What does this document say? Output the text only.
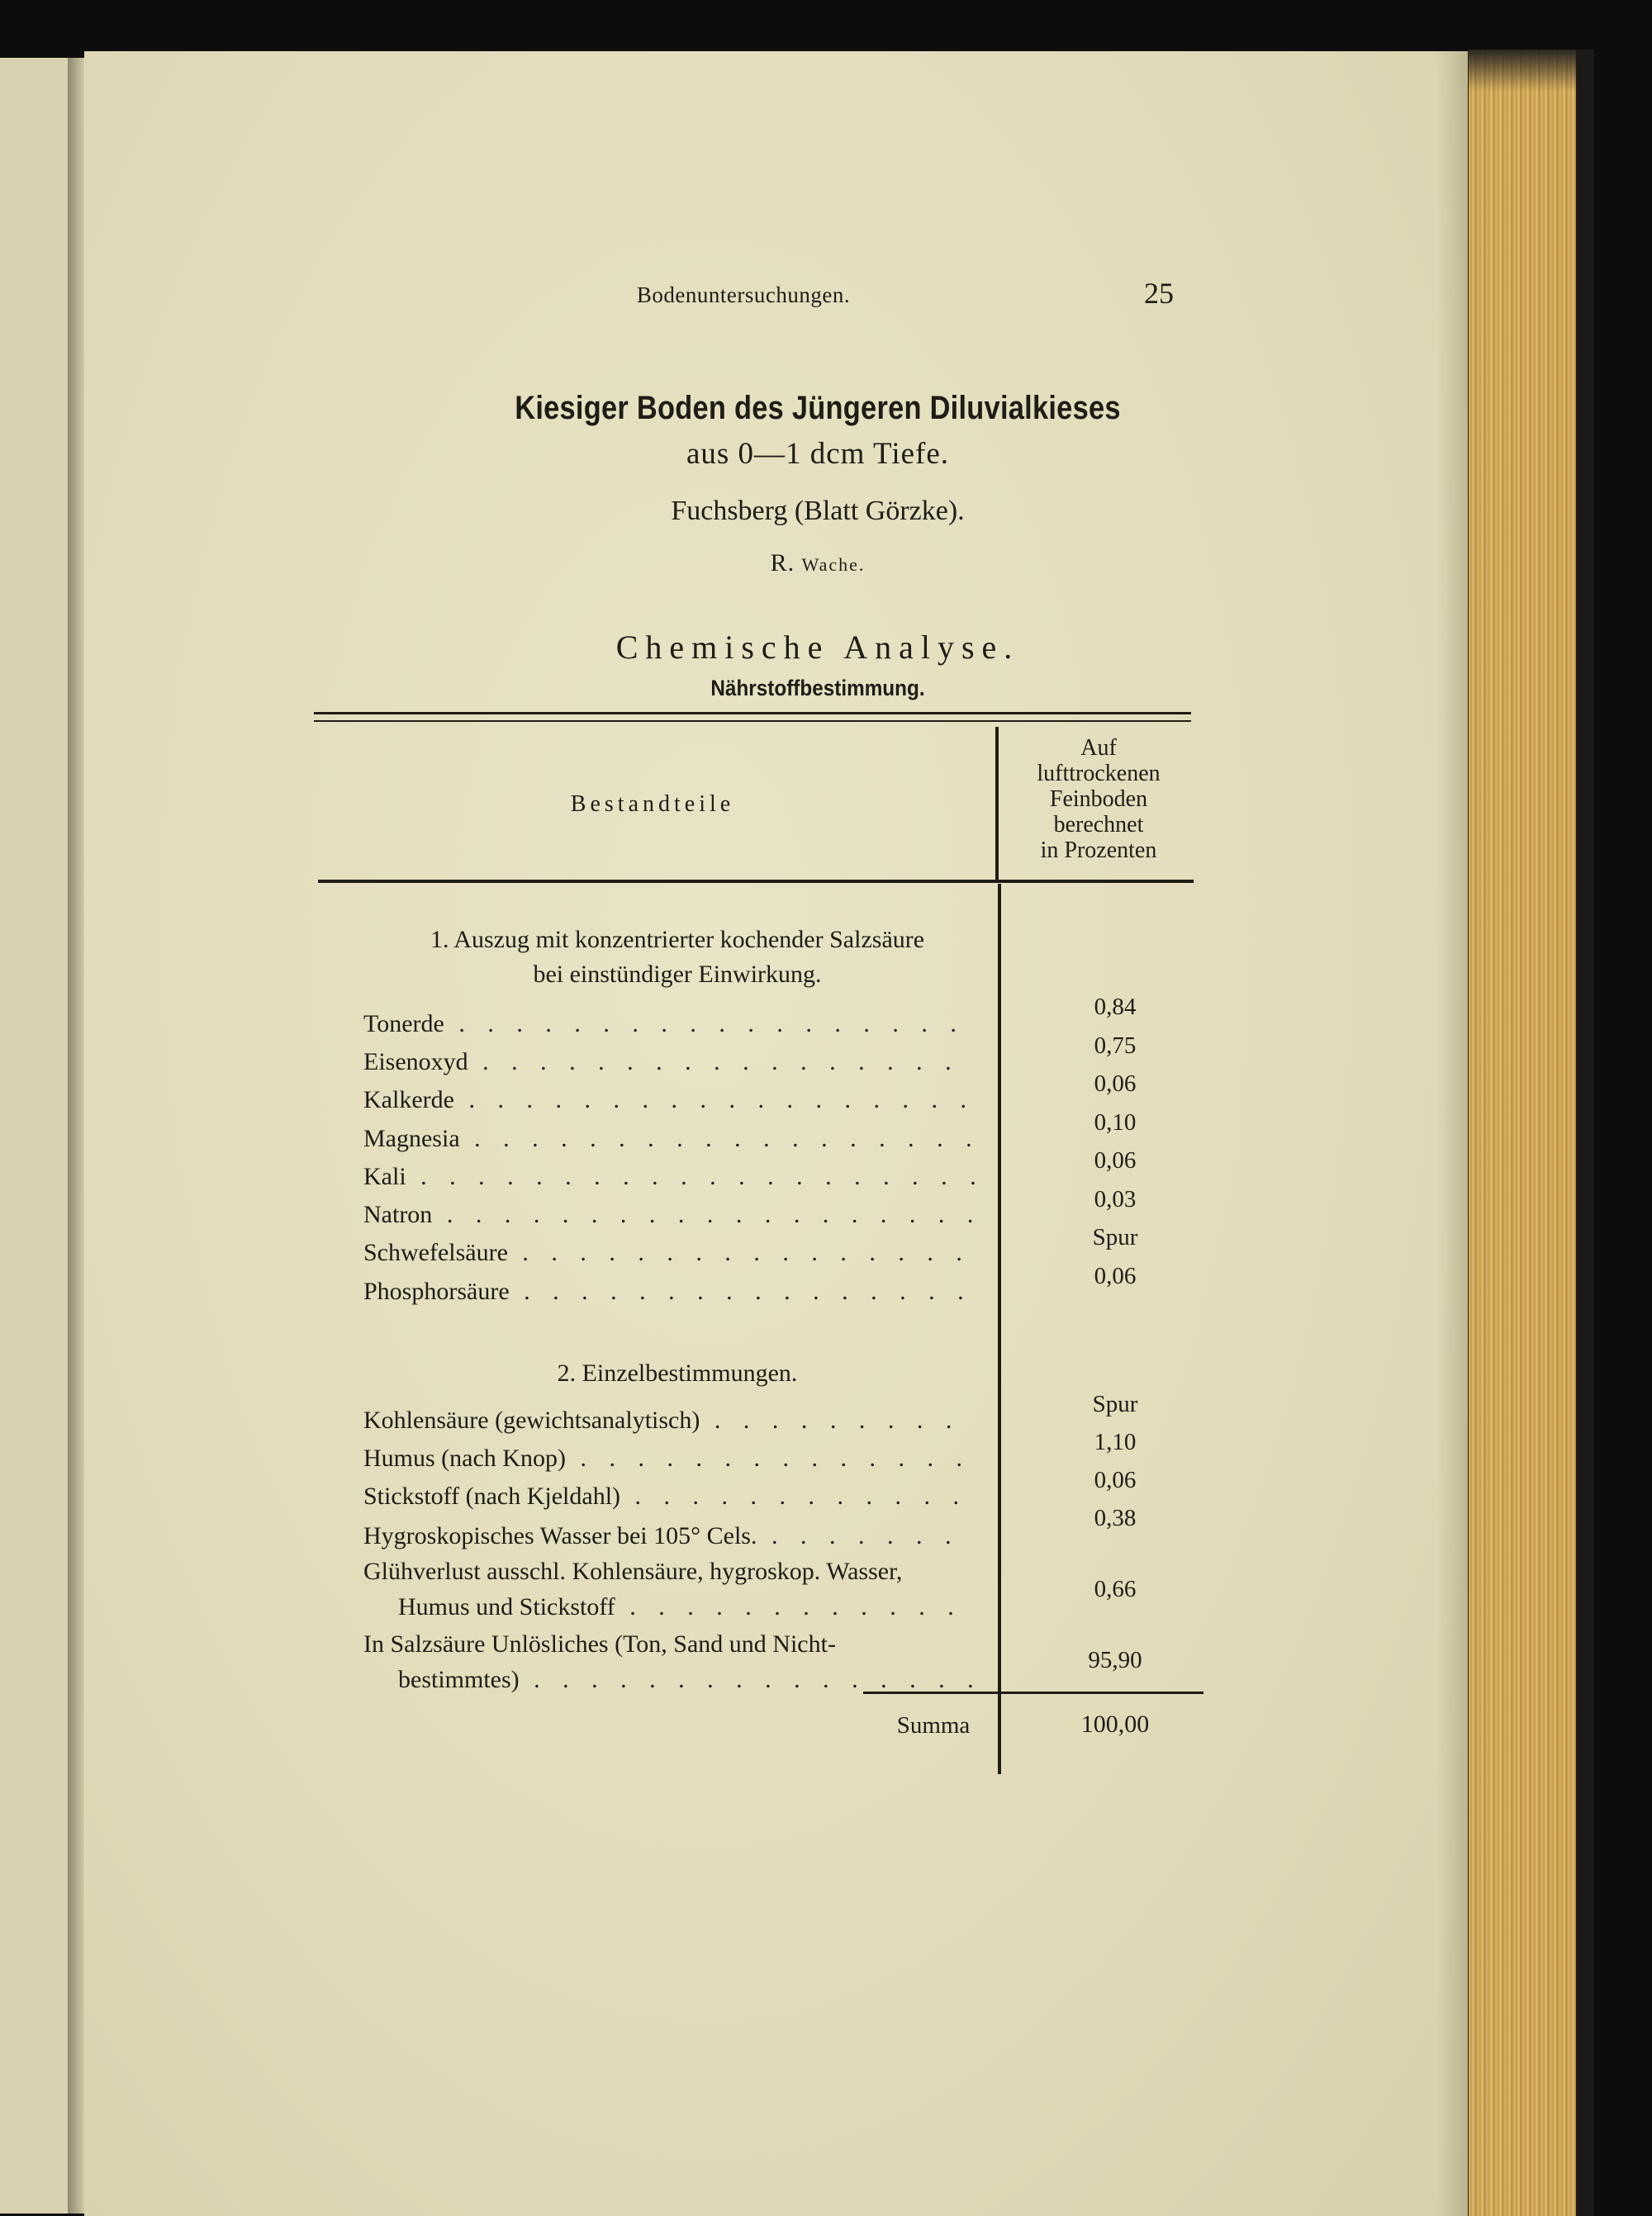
Bodenuntersuchungen.	25
Kiesiger Boden des Jüngeren Diluvialkieses
aus 0—1 dcm Tiefe.
Fuchsberg (Blatt Görzke).
R. Wache.
Chemische Analyse.
Nährstoffbestimmung.
Bestandteile
Auf
lufttrockenen
Feinboden
berechnet
in Prozenten
1. Auszug mit konzentrierter kochender Salzsäure
bei einstündiger Einwirkung.
Tonerde . . .
0,84
Eisenoxyd . . .
0,75
Kalkerde . . .
0,06
Magnesia . . .
0,10
Kali . . .
0,06
Natron . . .
0,03
Schwefelsäure . . .
Spur
Phosphorsäure . . .
0,06
2. Einzelbestimmungen.
Kohlensäure (gewichtsanalytisch) . . .
Spur
Humus (nach Knop) . . .
1,10
Stickstoff (nach Kjeldahl) . . .
0,06
Hygroskopisches Wasser bei 105° Cels. . . .
0,38
Glühverlust ausschl. Kohlensäure, hygroskop. Wasser,
Humus und Stickstoff . . .
0,66
In Salzsäure Unlösliches (Ton, Sand und Nicht-
bestimmtes) . . .
95,90
Summa	100,00
